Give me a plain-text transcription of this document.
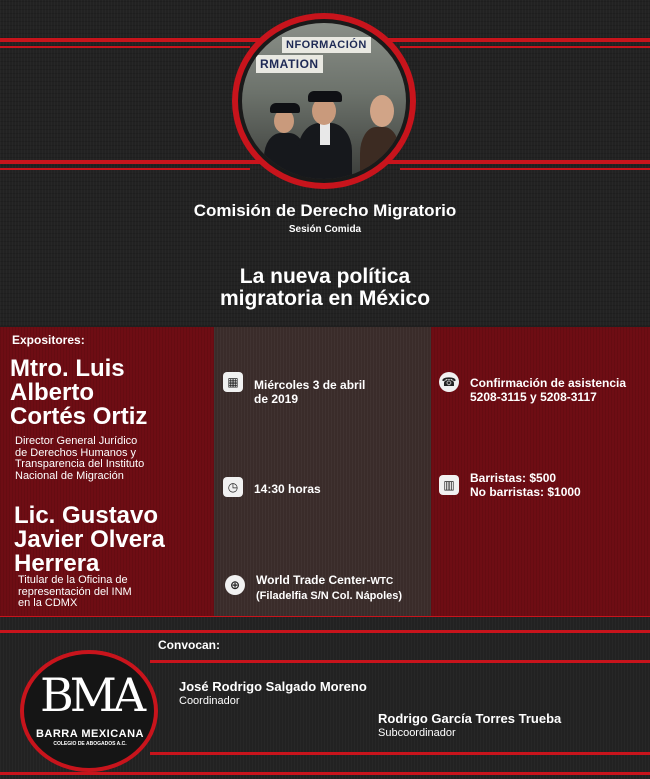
NFORMACIÓN
RMATION
Comisión de Derecho Migratorio
Sesión Comida
La nueva política
migratoria en México
Expositores:
Mtro. Luis
Alberto
Cortés Ortiz
Director General Jurídico
de Derechos Humanos y
Transparencia del Instituto
Nacional de Migración
Lic. Gustavo
Javier Olvera
Herrera
Titular de la Oficina de
representación del INM
en la CDMX
▦	Miércoles 3 de abril
de 2019
◷	14:30 horas
⊕	World Trade Center-WTC
(Filadelfia S/N Col. Nápoles)
☎ Confirmación de asistencia
5208-3115 y 5208-3117
▥	Barristas: $500
No barristas: $1000
Convocan:
BMA
BARRA MEXICANA
COLEGIO DE ABOGADOS A.C.
José Rodrigo Salgado Moreno
Coordinador
Rodrigo García Torres Trueba
Subcoordinador
